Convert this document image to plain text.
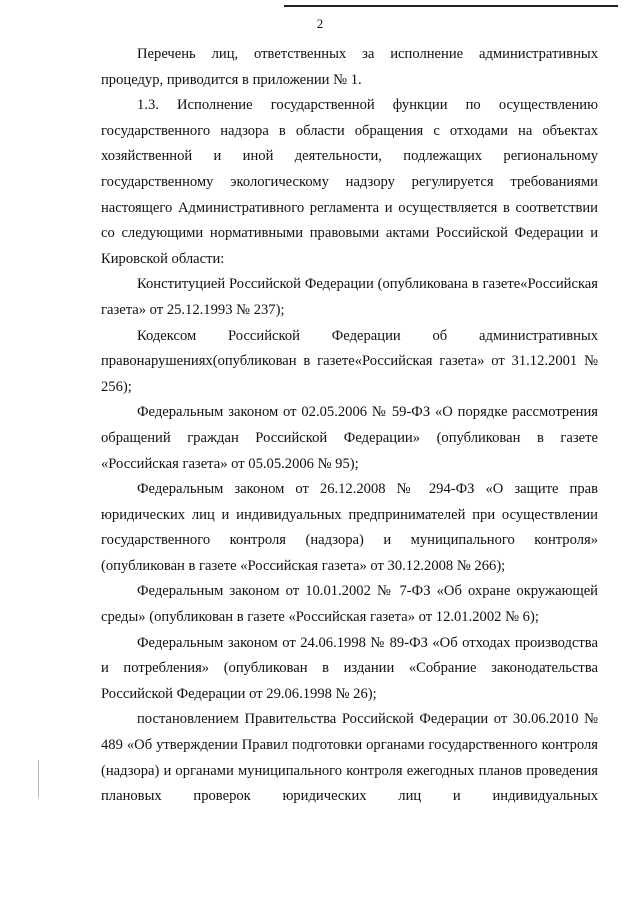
2

Перечень лиц, ответственных за исполнение административных процедур, приводится в приложении № 1.

1.3. Исполнение государственной функции по осуществлению государственного надзора в области обращения с отходами на объектах хозяйственной и иной деятельности, подлежащих региональному государственному экологическому надзору регулируется требованиями настоящего Административного регламента и осуществляется в соответствии со следующими нормативными правовыми актами Российской Федерации и Кировской области:

Конституцией Российской Федерации (опубликована в газете«Российская газета» от 25.12.1993 № 237);

Кодексом Российской Федерации об административных правонарушениях(опубликован в газете«Российская газета» от 31.12.2001 № 256);

Федеральным законом от 02.05.2006 № 59-ФЗ «О порядке рассмотрения обращений граждан Российской Федерации» (опубликован в газете «Российская газета» от 05.05.2006 № 95);

Федеральным законом от 26.12.2008 № 294-ФЗ «О защите прав юридических лиц и индивидуальных предпринимателей при осуществлении государственного контроля (надзора) и муниципального контроля» (опубликован в газете «Российская газета» от 30.12.2008 № 266);

Федеральным законом от 10.01.2002 № 7-ФЗ «Об охране окружающей среды» (опубликован в газете «Российская газета» от 12.01.2002 № 6);

Федеральным законом от 24.06.1998 № 89-ФЗ «Об отходах производства и потребления» (опубликован в издании «Собрание законодательства Российской Федерации от 29.06.1998 № 26);

постановлением Правительства Российской Федерации от 30.06.2010 № 489 «Об утверждении Правил подготовки органами государственного контроля (надзора) и органами муниципального контроля ежегодных планов проведения плановых проверок юридических лиц и индивидуальных
